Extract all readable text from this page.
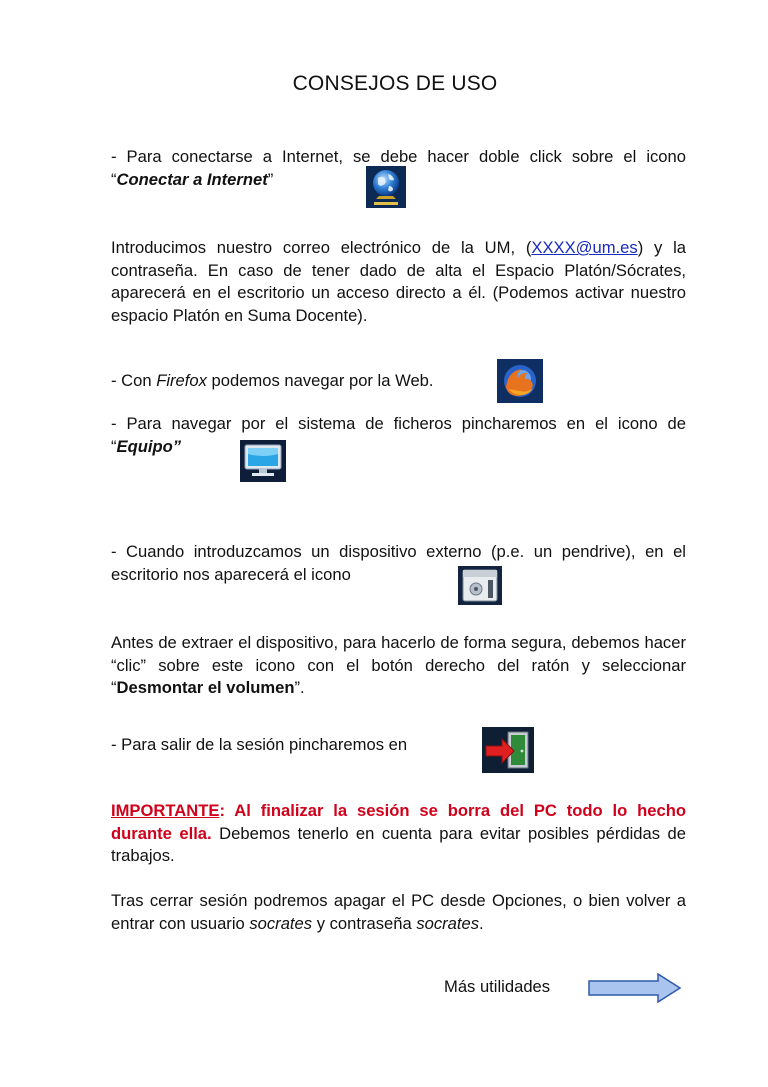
CONSEJOS DE USO
- Para conectarse a Internet, se debe hacer doble click sobre el icono “Conectar a Internet”
Introducimos nuestro correo electrónico de la UM, (XXXX@um.es) y la contraseña. En caso de tener dado de alta el Espacio Platón/Sócrates, aparecerá en el escritorio un acceso directo a él. (Podemos activar nuestro espacio Platón en Suma Docente).
- Con Firefox podemos navegar por la Web.
- Para navegar por el sistema de ficheros pincharemos en el icono de “Equipo”
- Cuando introduzcamos un dispositivo externo (p.e. un pendrive), en el escritorio nos aparecerá el icono
Antes de extraer el dispositivo, para hacerlo de forma segura, debemos hacer “clic” sobre este icono con el botón derecho del ratón y seleccionar “Desmontar el volumen”.
- Para salir de la sesión pincharemos en
IMPORTANTE: Al finalizar la sesión se borra del PC todo lo hecho durante ella. Debemos tenerlo en cuenta para evitar posibles pérdidas de trabajos.
Tras cerrar sesión podremos apagar el PC desde Opciones, o bien volver a entrar con usuario socrates y contraseña socrates.
Más utilidades
